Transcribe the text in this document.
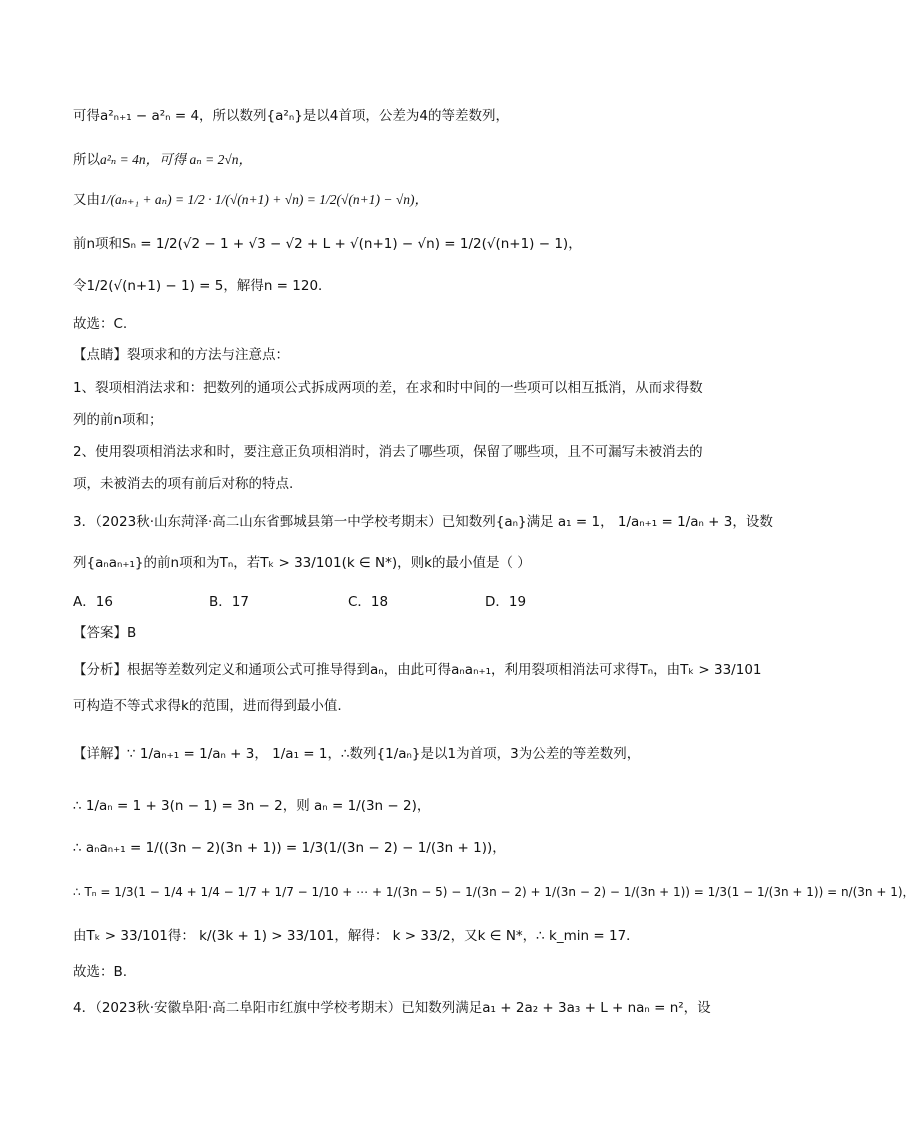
可得a²ₙ₊₁ − a²ₙ = 4，所以数列{a²ₙ}是以4首项，公差为4的等差数列，
所以a²ₙ = 4n，可得 aₙ = 2√n，
又由1/(aₙ₊₁ + aₙ) = 1/2 · 1/(√(n+1) + √n) = 1/2(√(n+1) − √n)，
前n项和Sₙ = 1/2(√2 − 1 + √3 − √2 + L + √(n+1) − √n) = 1/2(√(n+1) − 1)，
令1/2(√(n+1) − 1) = 5，解得n = 120．
故选：C.
【点睛】裂项求和的方法与注意点：
1、裂项相消法求和：把数列的通项公式拆成两项的差，在求和时中间的一些项可以相互抵消，从而求得数
列的前n项和；
2、使用裂项相消法求和时，要注意正负项相消时，消去了哪些项，保留了哪些项，且不可漏写未被消去的
项，未被消去的项有前后对称的特点.
3．（2023秋·山东菏泽·高二山东省鄄城县第一中学校考期末）已知数列{aₙ}满足 a₁ = 1， 1/aₙ₊₁ = 1/aₙ + 3，设数
列{aₙaₙ₊₁}的前n项和为Tₙ，若Tₖ > 33/101(k ∈ N*)，则k的最小值是（ ）
A．16	B．17	C．18	D．19
【答案】B
【分析】根据等差数列定义和通项公式可推导得到aₙ，由此可得aₙaₙ₊₁，利用裂项相消法可求得Tₙ，由Tₖ > 33/101
可构造不等式求得k的范围，进而得到最小值.
【详解】∵ 1/aₙ₊₁ = 1/aₙ + 3， 1/a₁ = 1，∴数列{1/aₙ}是以1为首项，3为公差的等差数列，
∴ 1/aₙ = 1 + 3(n − 1) = 3n − 2，则 aₙ = 1/(3n − 2)，
∴ aₙaₙ₊₁ = 1/((3n − 2)(3n + 1)) = 1/3(1/(3n − 2) − 1/(3n + 1))，
∴ Tₙ = 1/3(1 − 1/4 + 1/4 − 1/7 + 1/7 − 1/10 + ⋯ + 1/(3n − 5) − 1/(3n − 2) + 1/(3n − 2) − 1/(3n + 1)) = 1/3(1 − 1/(3n + 1)) = n/(3n + 1)，
由Tₖ > 33/101得： k/(3k + 1) > 33/101，解得： k > 33/2，又k ∈ N*，∴ k_min = 17．
故选：B.
4．（2023秋·安徽阜阳·高二阜阳市红旗中学校考期末）已知数列满足a₁ + 2a₂ + 3a₃ + L + naₙ = n²，设
